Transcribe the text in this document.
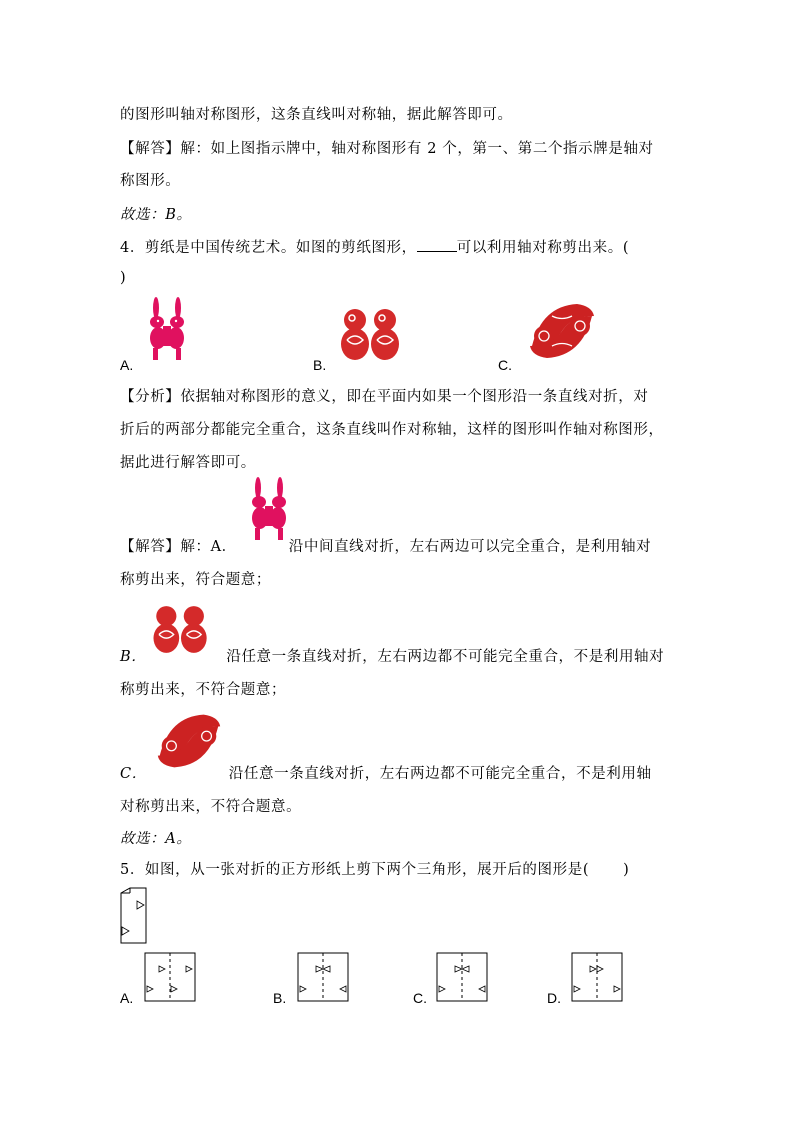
的图形叫轴对称图形，这条直线叫对称轴，据此解答即可。
【解答】解：如上图指示牌中，轴对称图形有 2 个，第一、第二个指示牌是轴对
称图形。
故选：B。
4．剪纸是中国传统艺术。如图的剪纸图形，	可以利用轴对称剪出来。(
)
A.	B.	C.
【分析】依据轴对称图形的意义，即在平面内如果一个图形沿一条直线对折，对
折后的两部分都能完全重合，这条直线叫作对称轴，这样的图形叫作轴对称图形，
据此进行解答即可。
【解答】解：A．	沿中间直线对折，左右两边可以完全重合，是利用轴对
称剪出来，符合题意；
B．	沿任意一条直线对折，左右两边都不可能完全重合，不是利用轴对
称剪出来，不符合题意；
C．	沿任意一条直线对折，左右两边都不可能完全重合，不是利用轴
对称剪出来，不符合题意。
故选：A。
5．如图，从一张对折的正方形纸上剪下两个三角形，展开后的图形是( )
A.	B.	C.	D.
